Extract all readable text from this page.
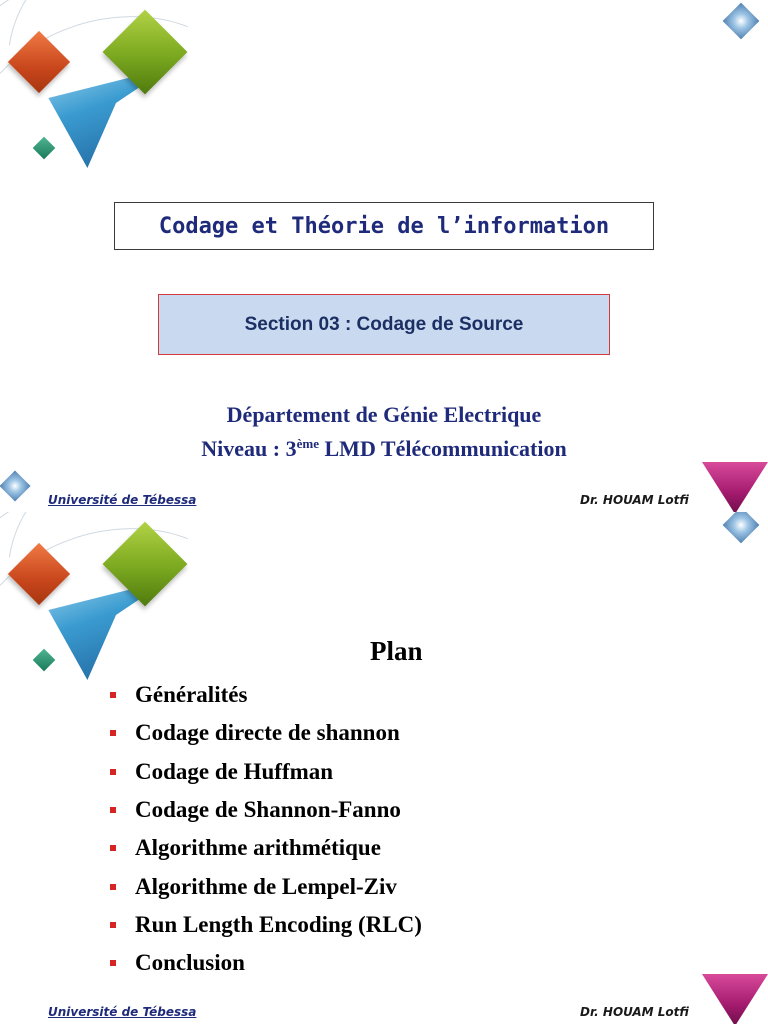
Codage et Théorie de l’information
Section 03 : Codage de Source
Département de Génie Electrique
Niveau : 3ème LMD Télécommunication
Université de Tébessa	Dr. HOUAM Lotfi
Plan
Généralités
Codage directe de shannon
Codage de Huffman
Codage de Shannon-Fanno
Algorithme arithmétique
Algorithme de Lempel-Ziv
Run Length Encoding (RLC)
Conclusion
Université de Tébessa	Dr. HOUAM Lotfi
